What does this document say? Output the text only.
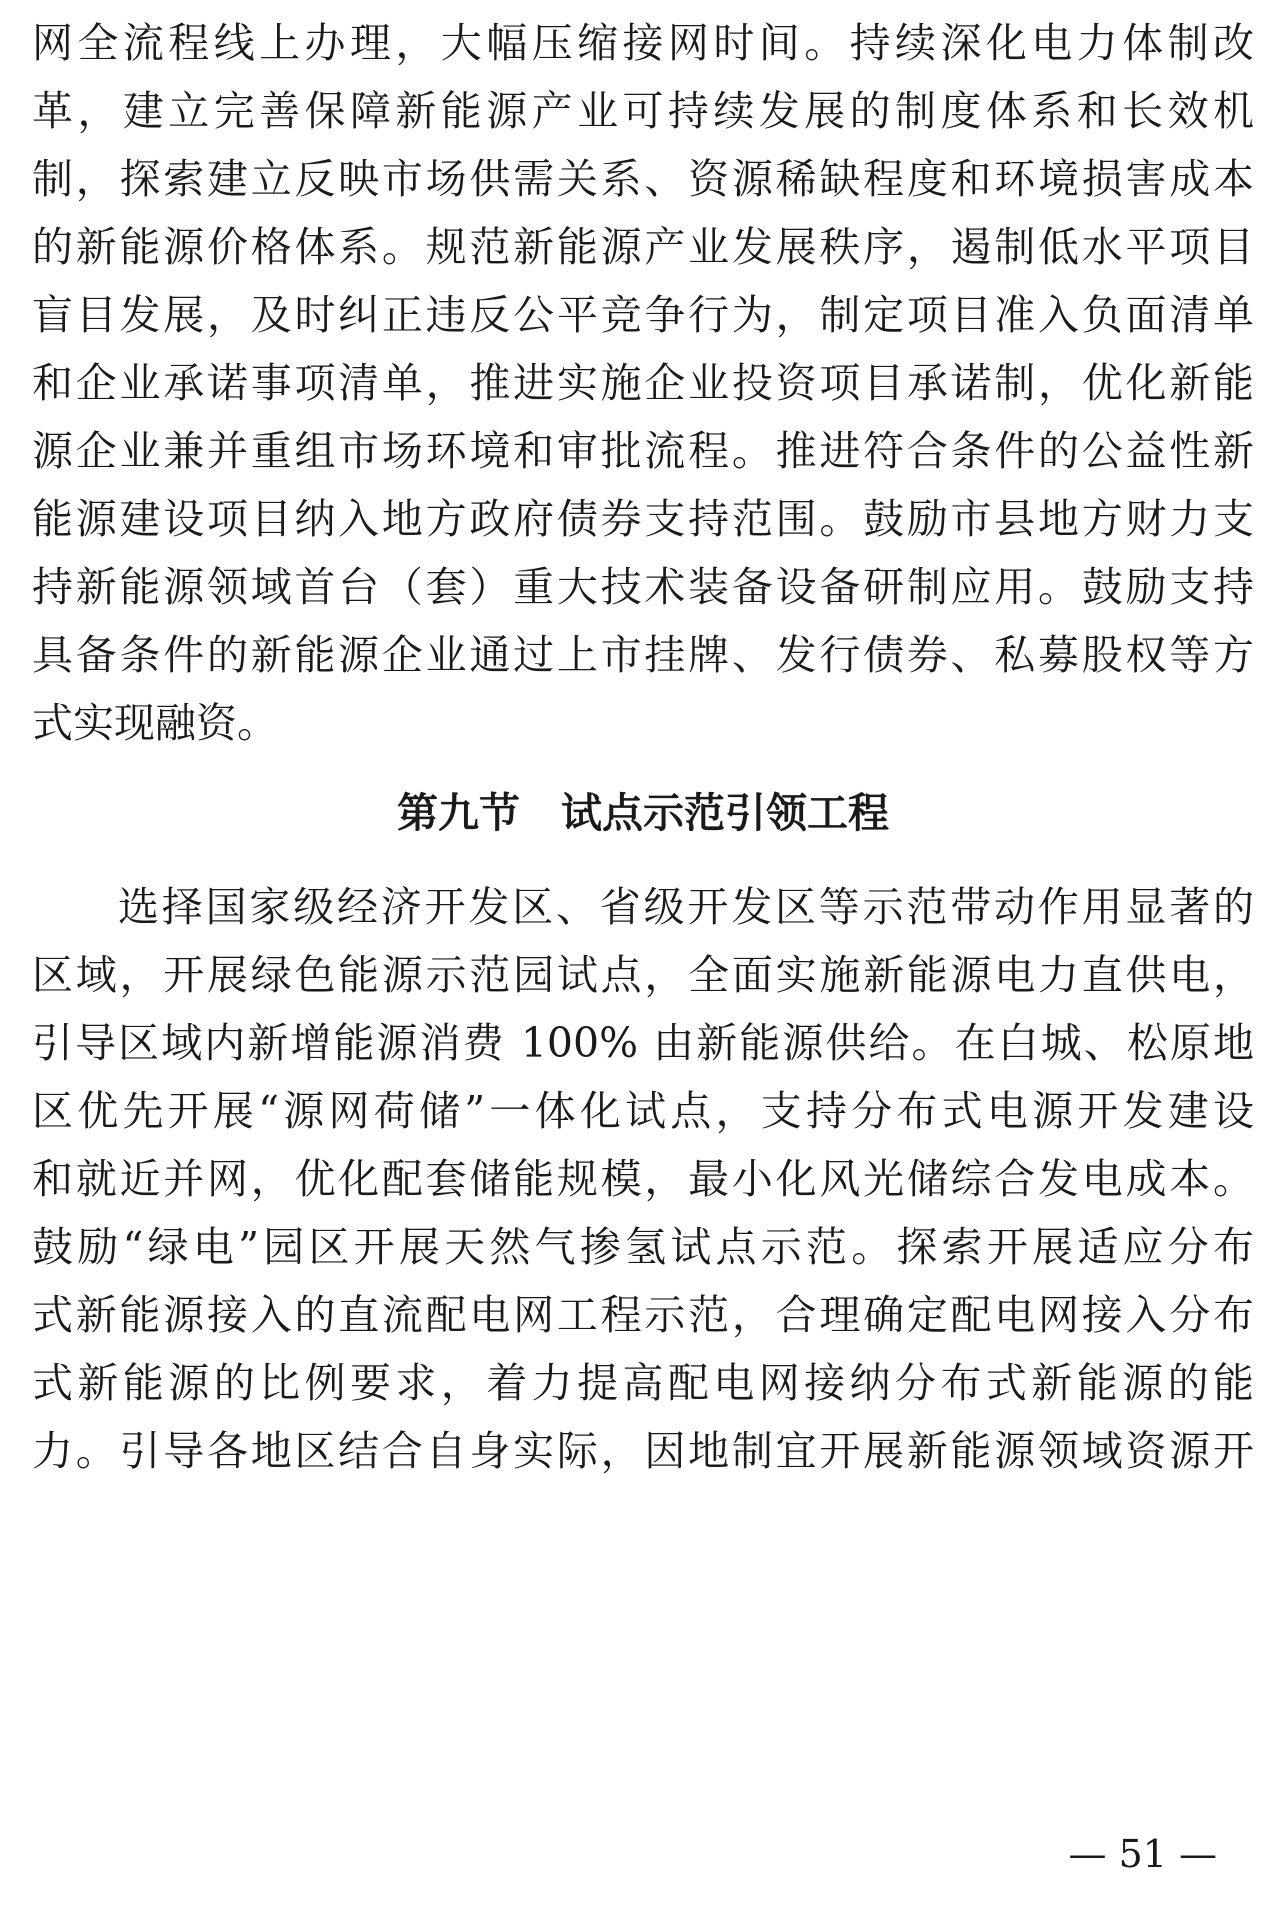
网全流程线上办理，大幅压缩接网时间。持续深化电力体制改
革，建立完善保障新能源产业可持续发展的制度体系和长效机
制，探索建立反映市场供需关系、资源稀缺程度和环境损害成本
的新能源价格体系。规范新能源产业发展秩序，遏制低水平项目
盲目发展，及时纠正违反公平竞争行为，制定项目准入负面清单
和企业承诺事项清单，推进实施企业投资项目承诺制，优化新能
源企业兼并重组市场环境和审批流程。推进符合条件的公益性新
能源建设项目纳入地方政府债券支持范围。鼓励市县地方财力支
持新能源领域首台（套）重大技术装备设备研制应用。鼓励支持
具备条件的新能源企业通过上市挂牌、发行债券、私募股权等方
式实现融资。
第九节　试点示范引领工程
选择国家级经济开发区、省级开发区等示范带动作用显著的
区域，开展绿色能源示范园试点，全面实施新能源电力直供电，
引导区域内新增能源消费 100% 由新能源供给。在白城、松原地
区优先开展“源网荷储”一体化试点，支持分布式电源开发建设
和就近并网，优化配套储能规模，最小化风光储综合发电成本。
鼓励“绿电”园区开展天然气掺氢试点示范。探索开展适应分布
式新能源接入的直流配电网工程示范，合理确定配电网接入分布
式新能源的比例要求，着力提高配电网接纳分布式新能源的能
力。引导各地区结合自身实际，因地制宜开展新能源领域资源开
— 51 —
